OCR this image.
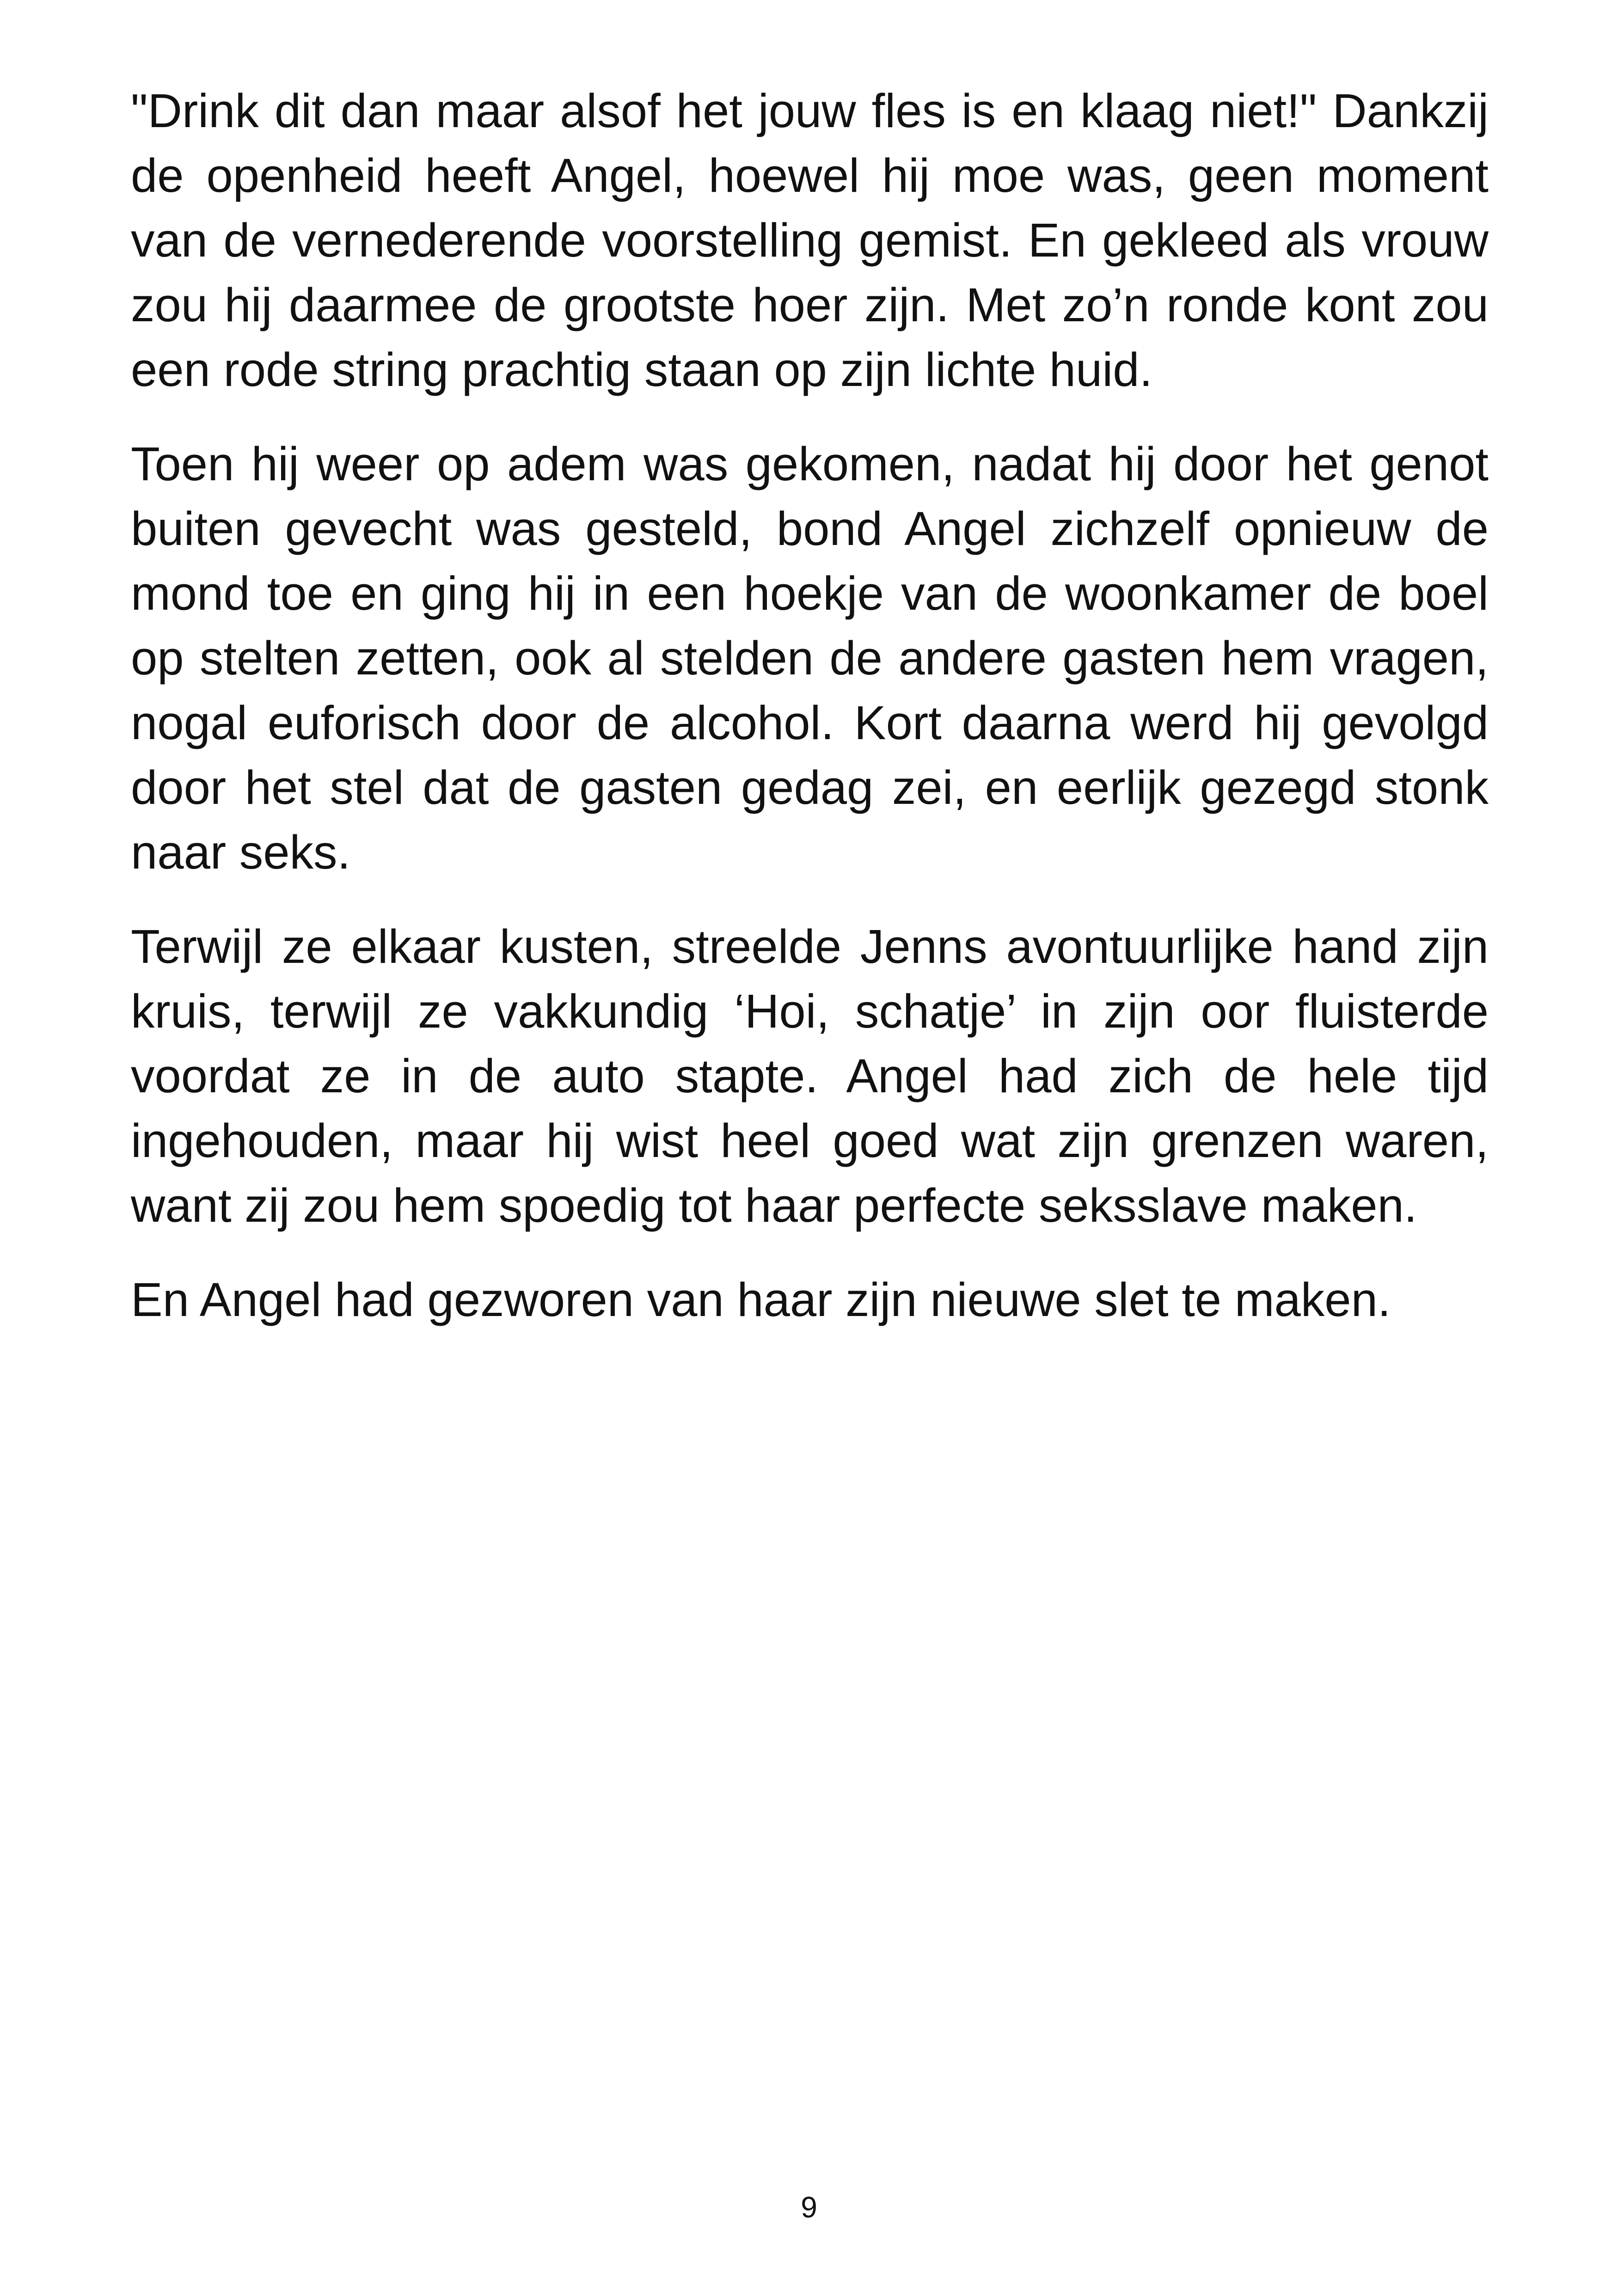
"Drink dit dan maar alsof het jouw fles is en klaag niet!" Dankzij de openheid heeft Angel, hoewel hij moe was, geen moment van de vernederende voorstelling gemist. En gekleed als vrouw zou hij daarmee de grootste hoer zijn. Met zo’n ronde kont zou een rode string prachtig staan op zijn lichte huid.

Toen hij weer op adem was gekomen, nadat hij door het genot buiten gevecht was gesteld, bond Angel zichzelf opnieuw de mond toe en ging hij in een hoekje van de woonkamer de boel op stelten zetten, ook al stelden de andere gasten hem vragen, nogal euforisch door de alcohol. Kort daarna werd hij gevolgd door het stel dat de gasten gedag zei, en eerlijk gezegd stonk naar seks.

Terwijl ze elkaar kusten, streelde Jenns avontuurlijke hand zijn kruis, terwijl ze vakkundig ‘Hoi, schatje’ in zijn oor fluisterde voordat ze in de auto stapte. Angel had zich de hele tijd ingehouden, maar hij wist heel goed wat zijn grenzen waren, want zij zou hem spoedig tot haar perfecte seksslave maken.

En Angel had gezworen van haar zijn nieuwe slet te maken.

9
